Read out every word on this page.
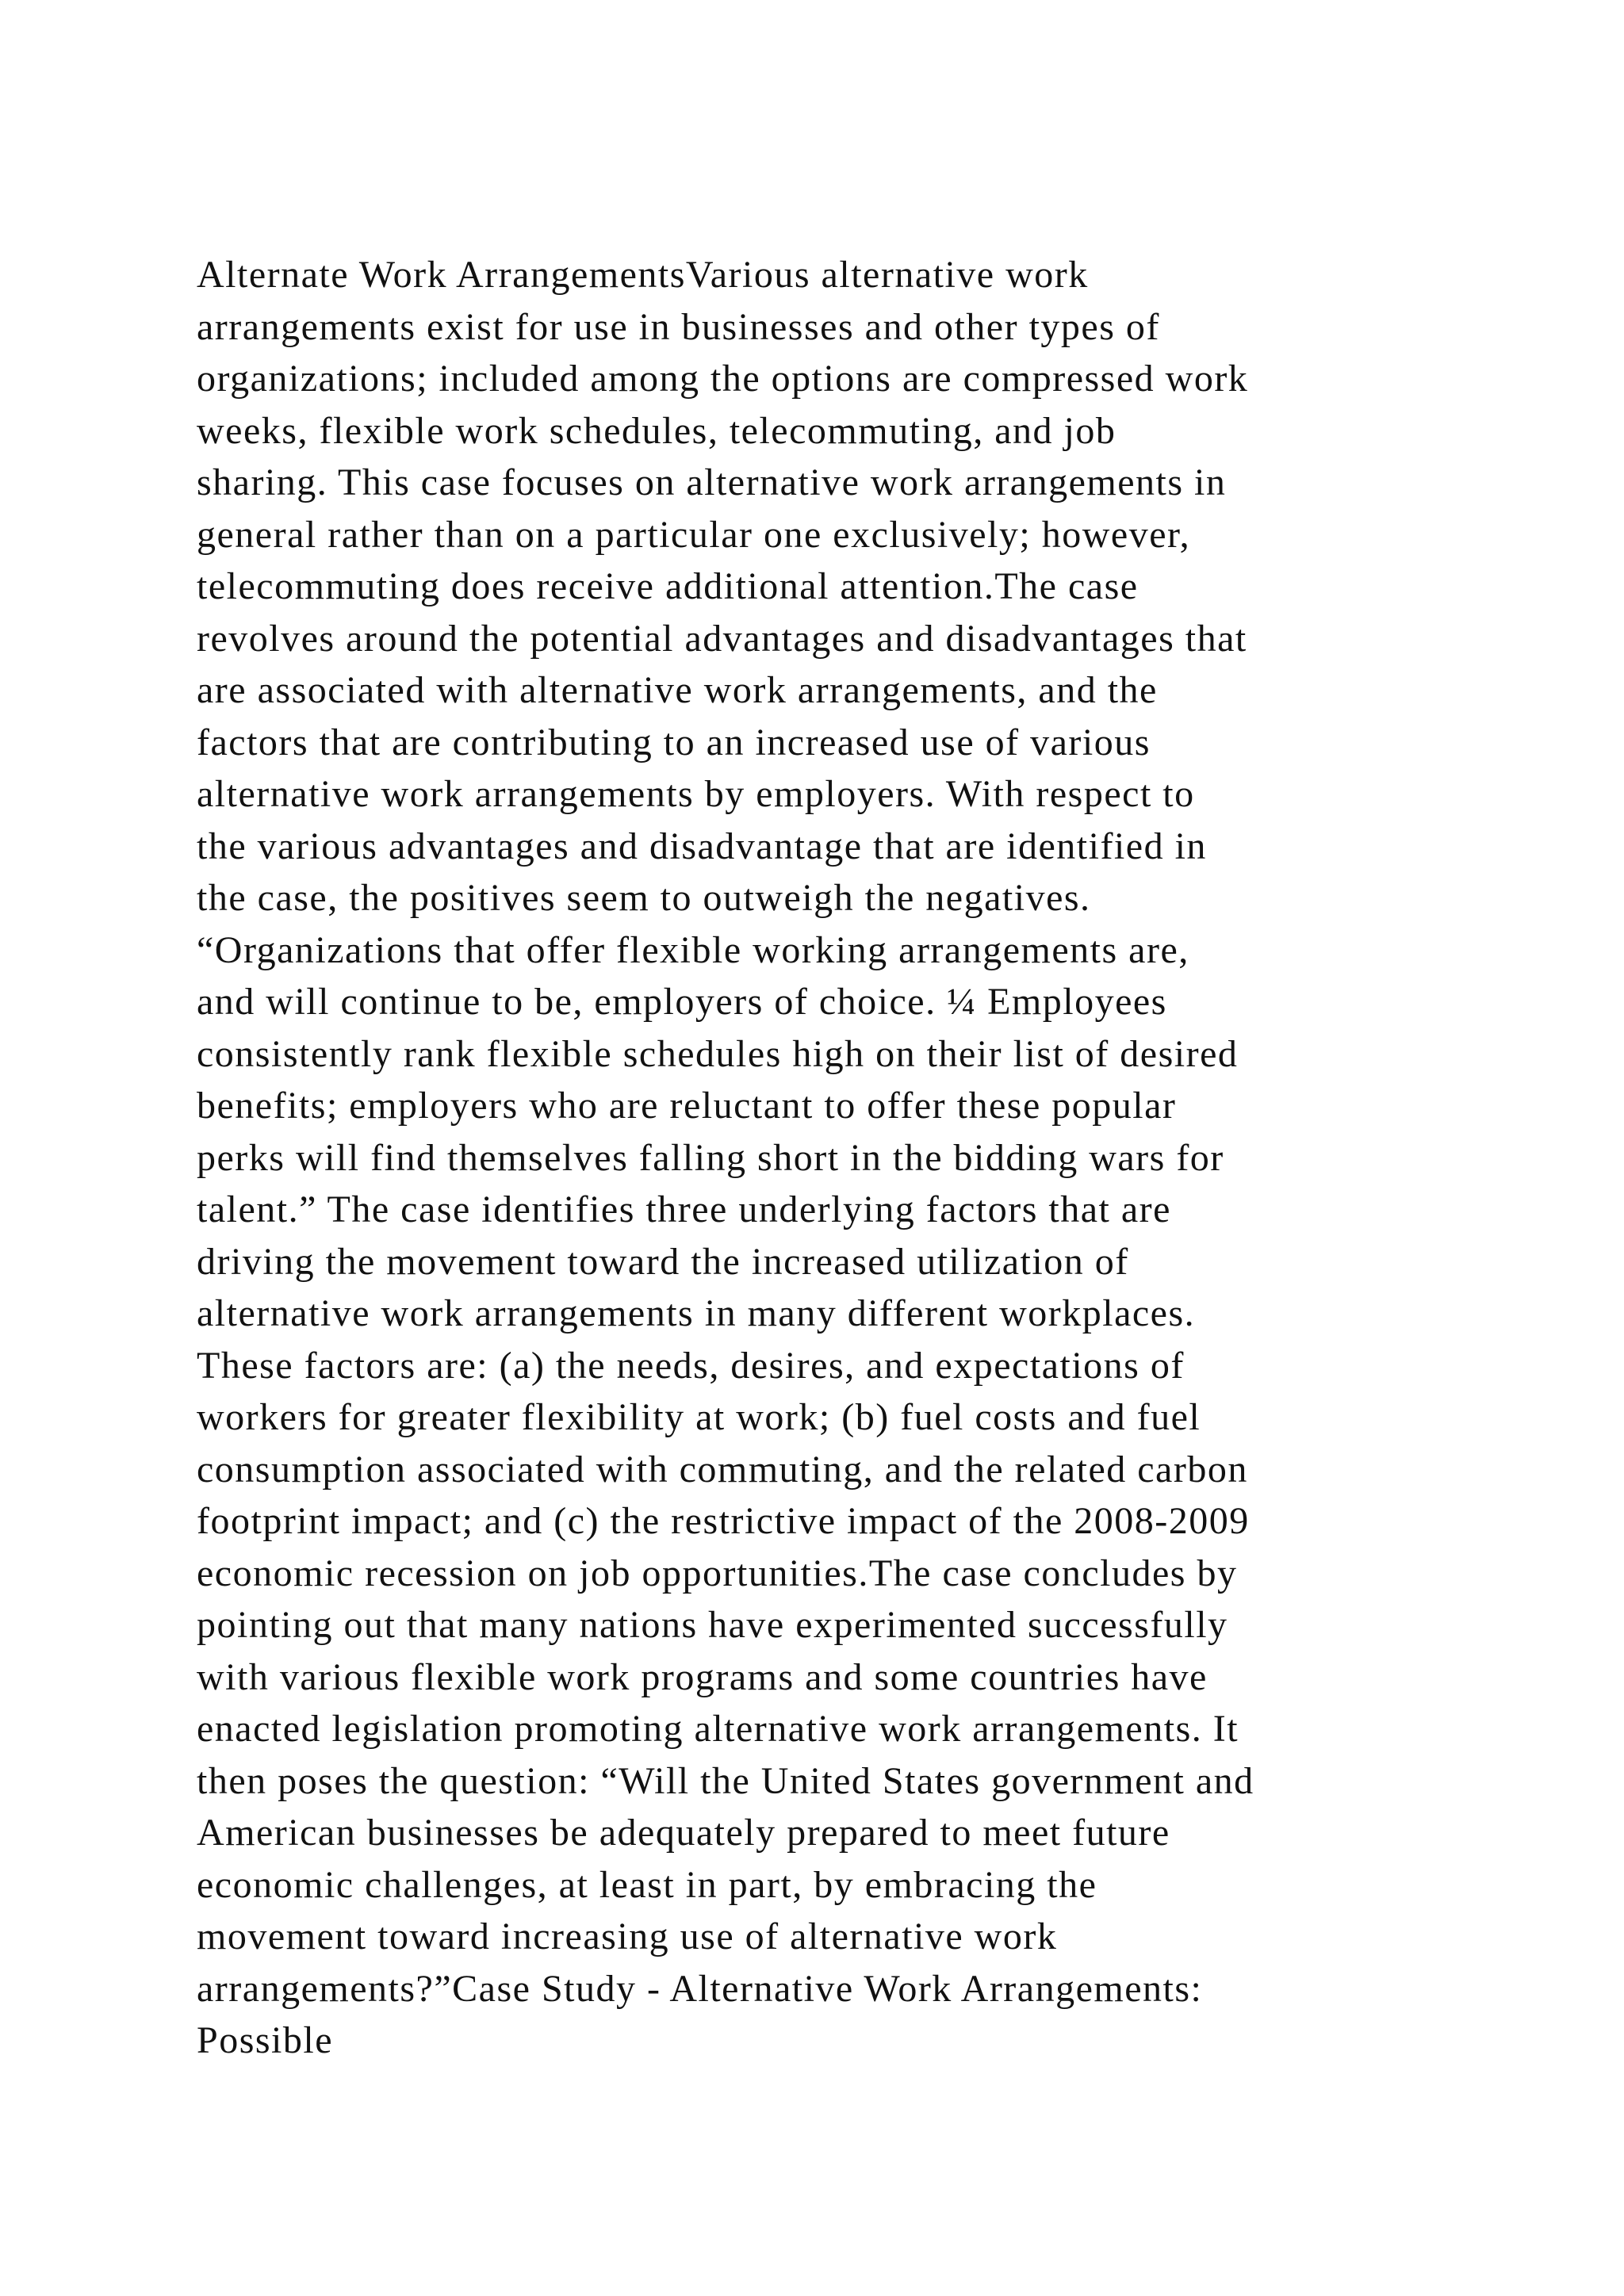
Alternate Work ArrangementsVarious alternative work
arrangements exist for use in businesses and other types of
organizations; included among the options are compressed work
weeks, flexible work schedules, telecommuting, and job
sharing. This case focuses on alternative work arrangements in
general rather than on a particular one exclusively; however,
telecommuting does receive additional attention.The case
revolves around the potential advantages and disadvantages that
are associated with alternative work arrangements, and the
factors that are contributing to an increased use of various
alternative work arrangements by employers. With respect to
the various advantages and disadvantage that are identified in
the case, the positives seem to outweigh the negatives.
“Organizations that offer flexible working arrangements are,
and will continue to be, employers of choice. ¼ Employees
consistently rank flexible schedules high on their list of desired
benefits; employers who are reluctant to offer these popular
perks will find themselves falling short in the bidding wars for
talent.” The case identifies three underlying factors that are
driving the movement toward the increased utilization of
alternative work arrangements in many different workplaces.
These factors are: (a) the needs, desires, and expectations of
workers for greater flexibility at work; (b) fuel costs and fuel
consumption associated with commuting, and the related carbon
footprint impact; and (c) the restrictive impact of the 2008-2009
economic recession on job opportunities.The case concludes by
pointing out that many nations have experimented successfully
with various flexible work programs and some countries have
enacted legislation promoting alternative work arrangements. It
then poses the question: “Will the United States government and
American businesses be adequately prepared to meet future
economic challenges, at least in part, by embracing the
movement toward increasing use of alternative work
arrangements?”Case Study - Alternative Work Arrangements:
Possible
